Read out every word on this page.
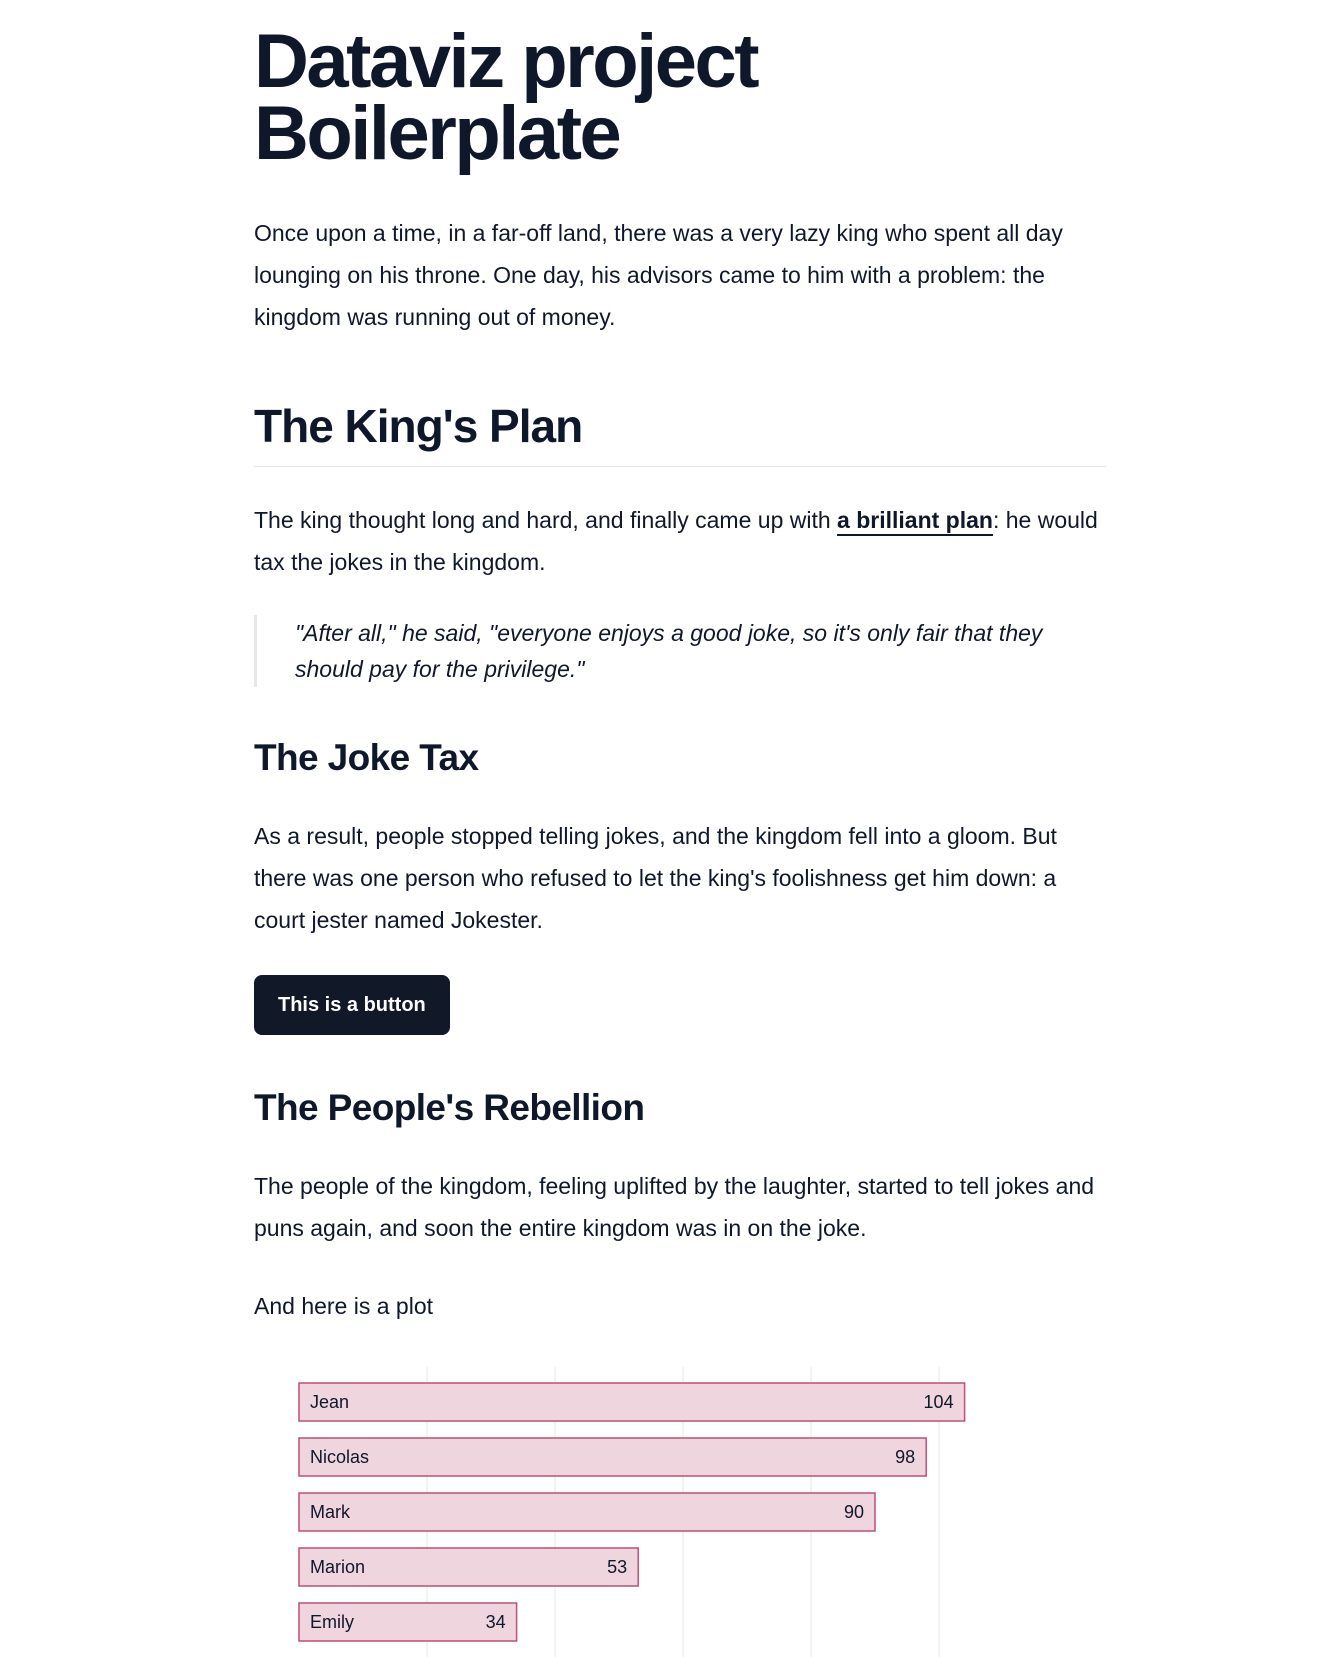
Dataviz project Boilerplate

Once upon a time, in a far-off land, there was a very lazy king who spent all day lounging on his throne. One day, his advisors came to him with a problem: the kingdom was running out of money.

The King's Plan

The king thought long and hard, and finally came up with a brilliant plan: he would tax the jokes in the kingdom.

"After all," he said, "everyone enjoys a good joke, so it's only fair that they should pay for the privilege."
The Joke Tax

As a result, people stopped telling jokes, and the kingdom fell into a gloom. But there was one person who refused to let the king's foolishness get him down: a court jester named Jokester.

This is a button
The People's Rebellion

The people of the kingdom, feeling uplifted by the laughter, started to tell jokes and puns again, and soon the entire kingdom was in on the joke.

And here is a plot

Jean	104
Nicolas	98
Mark	90
Marion	53
Emily	34
